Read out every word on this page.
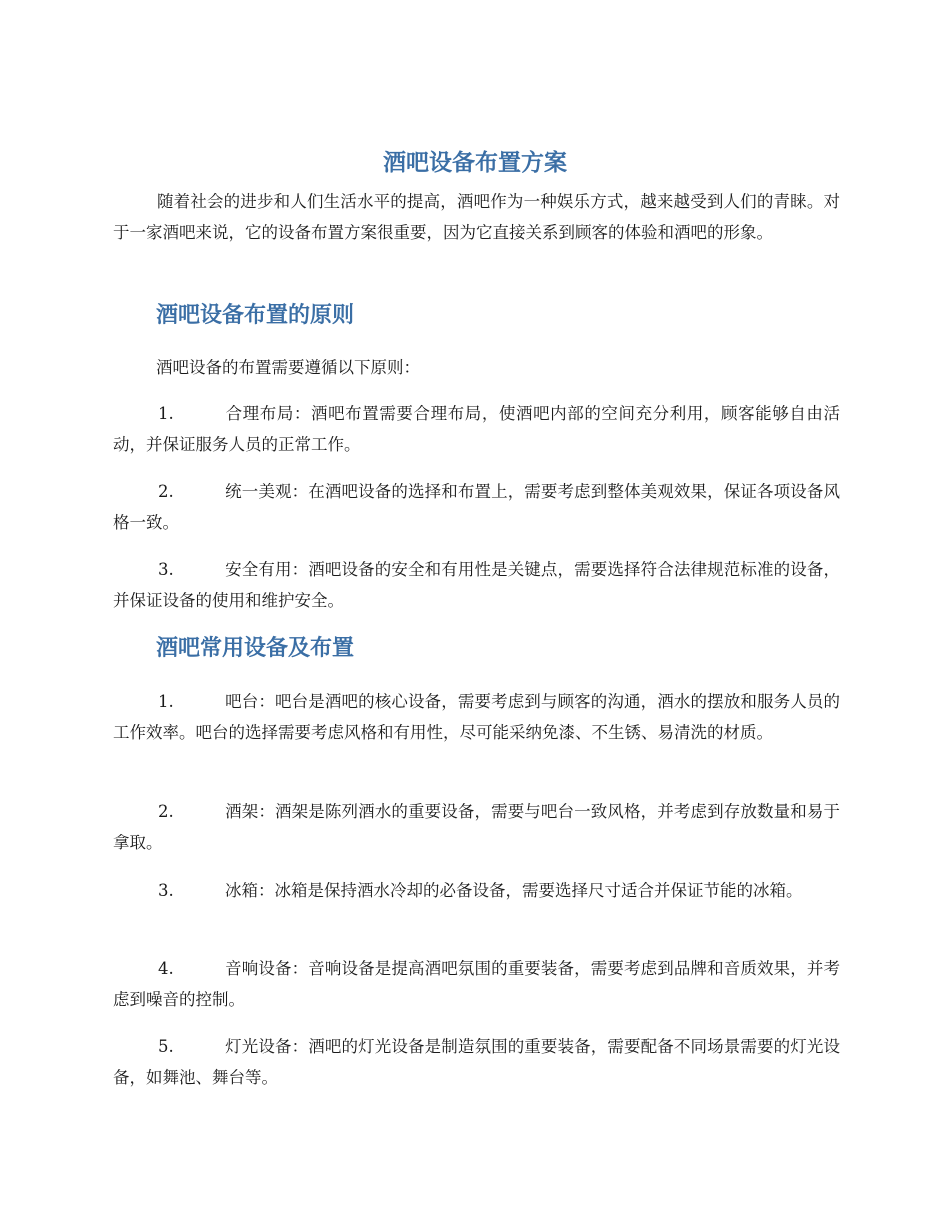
酒吧设备布置方案

随着社会的进步和人们生活水平的提高，酒吧作为一种娱乐方式，越来越受到人们的青睐。对于一家酒吧来说，它的设备布置方案很重要，因为它直接关系到顾客的体验和酒吧的形象。

酒吧设备布置的原则

酒吧设备的布置需要遵循以下原则：

1.	合理布局：酒吧布置需要合理布局，使酒吧内部的空间充分利用，顾客能够自由活动，并保证服务人员的正常工作。

2.	统一美观：在酒吧设备的选择和布置上，需要考虑到整体美观效果，保证各项设备风格一致。

3.	安全有用：酒吧设备的安全和有用性是关键点，需要选择符合法律规范标准的设备，并保证设备的使用和维护安全。

酒吧常用设备及布置

1.	吧台：吧台是酒吧的核心设备，需要考虑到与顾客的沟通，酒水的摆放和服务人员的工作效率。吧台的选择需要考虑风格和有用性，尽可能采纳免漆、不生锈、易清洗的材质。

2.	酒架：酒架是陈列酒水的重要设备，需要与吧台一致风格，并考虑到存放数量和易于拿取。

3.	冰箱：冰箱是保持酒水冷却的必备设备，需要选择尺寸适合并保证节能的冰箱。

4.	音响设备：音响设备是提高酒吧氛围的重要装备，需要考虑到品牌和音质效果，并考虑到噪音的控制。

5.	灯光设备：酒吧的灯光设备是制造氛围的重要装备，需要配备不同场景需要的灯光设备，如舞池、舞台等。
